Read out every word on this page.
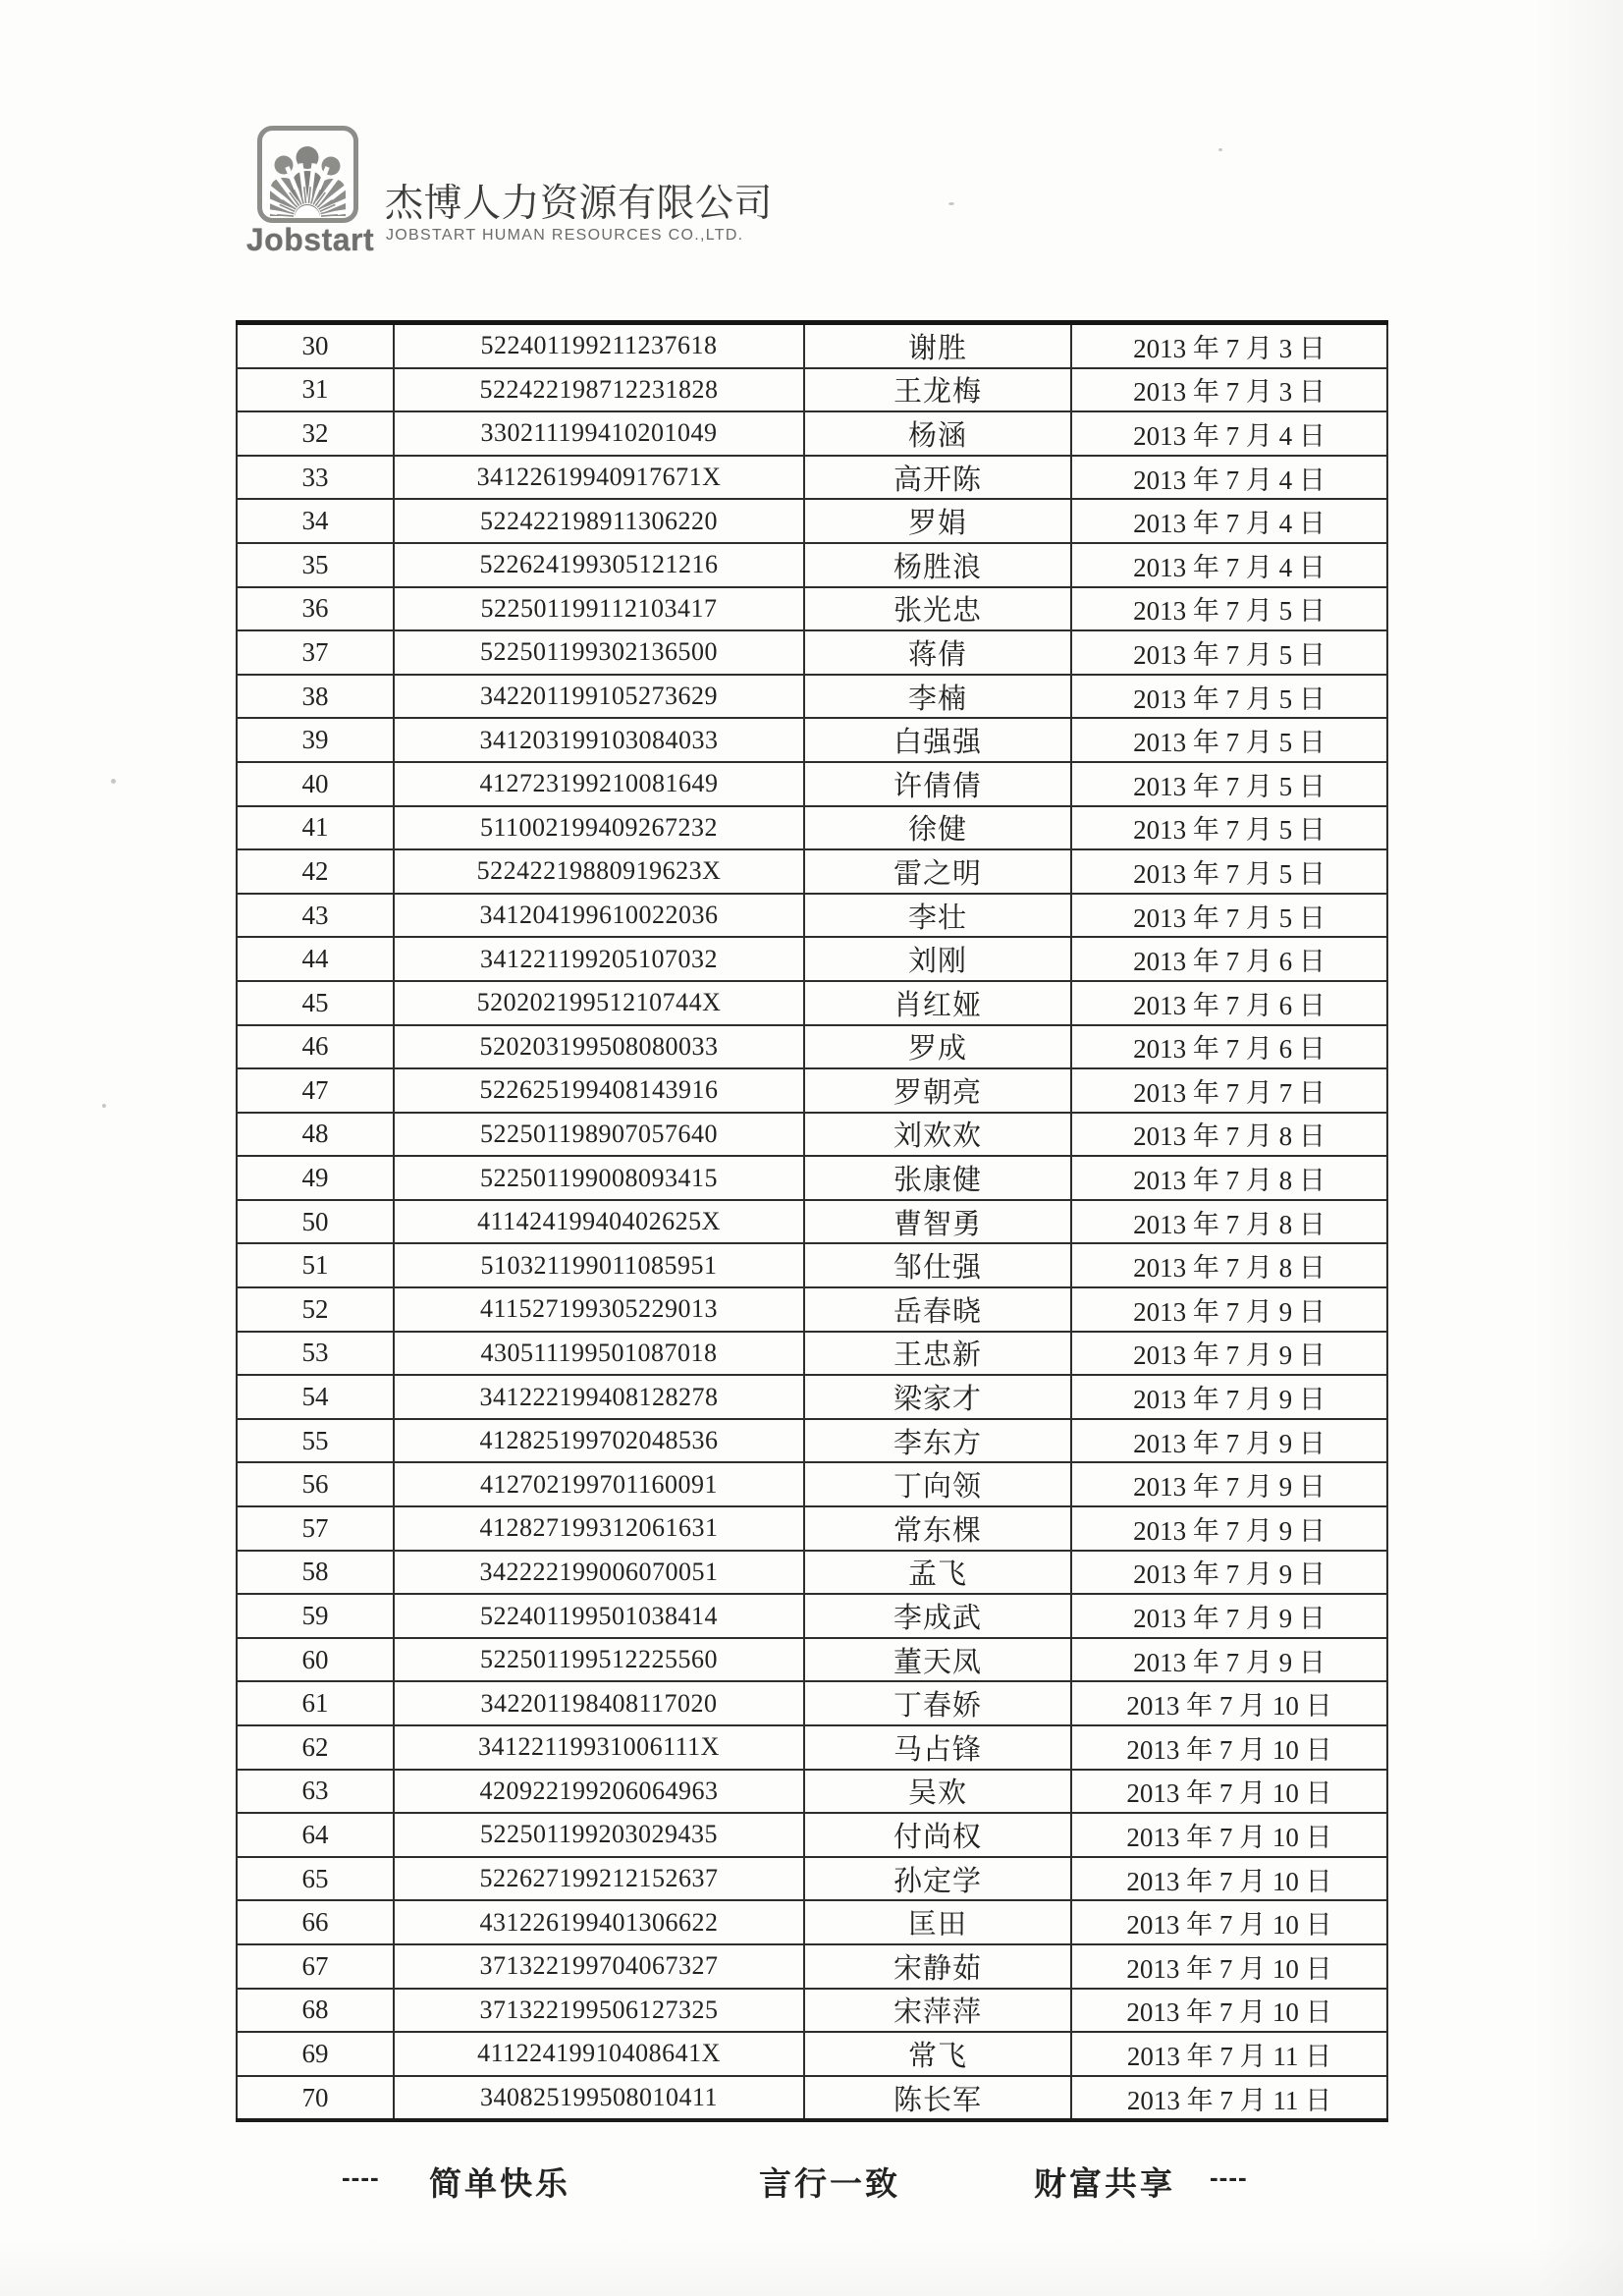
Jobstart
杰博人力资源有限公司
JOBSTART HUMAN RESOURCES CO.,LTD.
30	522401199211237618	谢胜	2013 年 7 月 3 日
31	522422198712231828	王龙梅	2013 年 7 月 3 日
32	330211199410201049	杨涵	2013 年 7 月 4 日
33	34122619940917671X	高开陈	2013 年 7 月 4 日
34	522422198911306220	罗娟	2013 年 7 月 4 日
35	522624199305121216	杨胜浪	2013 年 7 月 4 日
36	522501199112103417	张光忠	2013 年 7 月 5 日
37	522501199302136500	蒋倩	2013 年 7 月 5 日
38	342201199105273629	李楠	2013 年 7 月 5 日
39	341203199103084033	白强强	2013 年 7 月 5 日
40	412723199210081649	许倩倩	2013 年 7 月 5 日
41	511002199409267232	徐健	2013 年 7 月 5 日
42	52242219880919623X	雷之明	2013 年 7 月 5 日
43	341204199610022036	李壮	2013 年 7 月 5 日
44	341221199205107032	刘刚	2013 年 7 月 6 日
45	52020219951210744X	肖红娅	2013 年 7 月 6 日
46	520203199508080033	罗成	2013 年 7 月 6 日
47	522625199408143916	罗朝亮	2013 年 7 月 7 日
48	522501198907057640	刘欢欢	2013 年 7 月 8 日
49	522501199008093415	张康健	2013 年 7 月 8 日
50	41142419940402625X	曹智勇	2013 年 7 月 8 日
51	510321199011085951	邹仕强	2013 年 7 月 8 日
52	411527199305229013	岳春晓	2013 年 7 月 9 日
53	430511199501087018	王忠新	2013 年 7 月 9 日
54	341222199408128278	梁家才	2013 年 7 月 9 日
55	412825199702048536	李东方	2013 年 7 月 9 日
56	412702199701160091	丁向领	2013 年 7 月 9 日
57	412827199312061631	常东棵	2013 年 7 月 9 日
58	342222199006070051	孟飞	2013 年 7 月 9 日
59	522401199501038414	李成武	2013 年 7 月 9 日
60	522501199512225560	董天凤	2013 年 7 月 9 日
61	342201198408117020	丁春娇	2013 年 7 月 10 日
62	34122119931006111X	马占锋	2013 年 7 月 10 日
63	420922199206064963	吴欢	2013 年 7 月 10 日
64	522501199203029435	付尚权	2013 年 7 月 10 日
65	522627199212152637	孙定学	2013 年 7 月 10 日
66	431226199401306622	匡田	2013 年 7 月 10 日
67	371322199704067327	宋静茹	2013 年 7 月 10 日
68	371322199506127325	宋萍萍	2013 年 7 月 10 日
69	41122419910408641X	常飞	2013 年 7 月 11 日
70	340825199508010411	陈长军	2013 年 7 月 11 日
---- 简单快乐	言行一致	财富共享 ----
